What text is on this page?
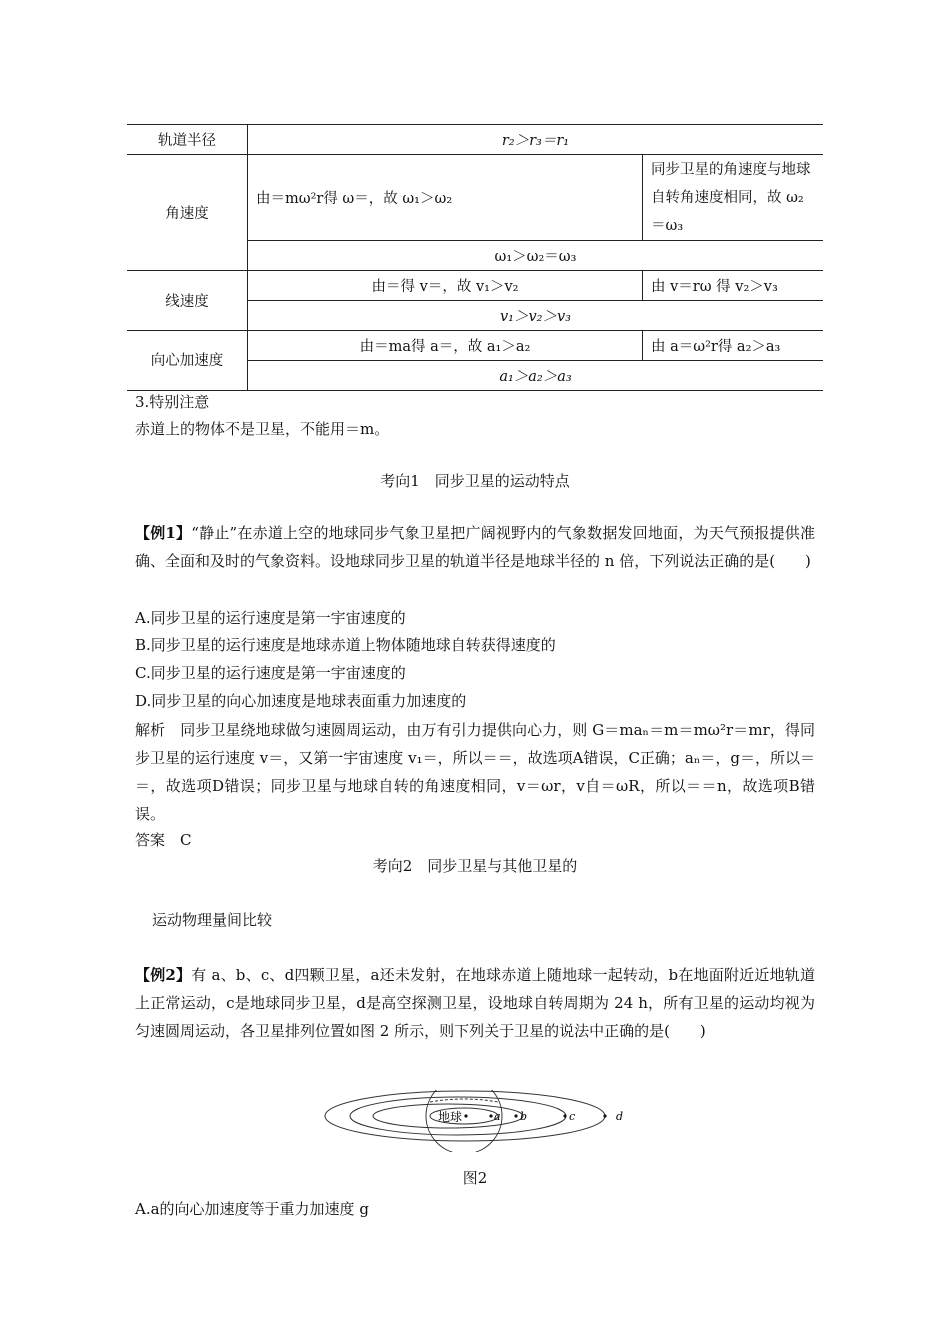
轨道半径	r₂＞r₃＝r₁	
角速度	由＝mω²r得 ω＝，故 ω₁＞ω₂	同步卫星的角速度与地球自转角速度相同，故 ω₂＝ω₃
	ω₁＞ω₂＝ω₃	
线速度	由＝得 v＝，故 v₁＞v₂	由 v＝rω 得 v₂＞v₃
	v₁＞v₂＞v₃	
向心加速度	由＝ma得 a＝，故 a₁＞a₂	由 a＝ω²r得 a₂＞a₃
	a₁＞a₂＞a₃	
3.特别注意
赤道上的物体不是卫星，不能用＝m。
考向1　同步卫星的运动特点
【例1】“静止”在赤道上空的地球同步气象卫星把广阔视野内的气象数据发回地面，为天气预报提供准确、全面和及时的气象资料。设地球同步卫星的轨道半径是地球半径的 n 倍，下列说法正确的是(　　)
A.同步卫星的运行速度是第一宇宙速度的
B.同步卫星的运行速度是地球赤道上物体随地球自转获得速度的
C.同步卫星的运行速度是第一宇宙速度的
D.同步卫星的向心加速度是地球表面重力加速度的
解析　同步卫星绕地球做匀速圆周运动，由万有引力提供向心力，则 G＝maₙ＝m＝mω²r＝mr，得同步卫星的运行速度 v＝，又第一宇宙速度 v₁＝，所以＝＝，故选项A错误，C正确；aₙ＝，g＝，所以＝＝，故选项D错误；同步卫星与地球自转的角速度相同，v＝ωr，v自＝ωR，所以＝＝n，故选项B错误。
答案　C
考向2　同步卫星与其他卫星的
运动物理量间比较
【例2】有 a、b、c、d四颗卫星，a还未发射，在地球赤道上随地球一起转动，b在地面附近近地轨道上正常运动，c是地球同步卫星，d是高空探测卫星，设地球自转周期为 24 h，所有卫星的运动均视为匀速圆周运动，各卫星排列位置如图 2 所示，则下列关于卫星的说法中正确的是(　　)
地球	a b	c	d
图2
A.a的向心加速度等于重力加速度 g
